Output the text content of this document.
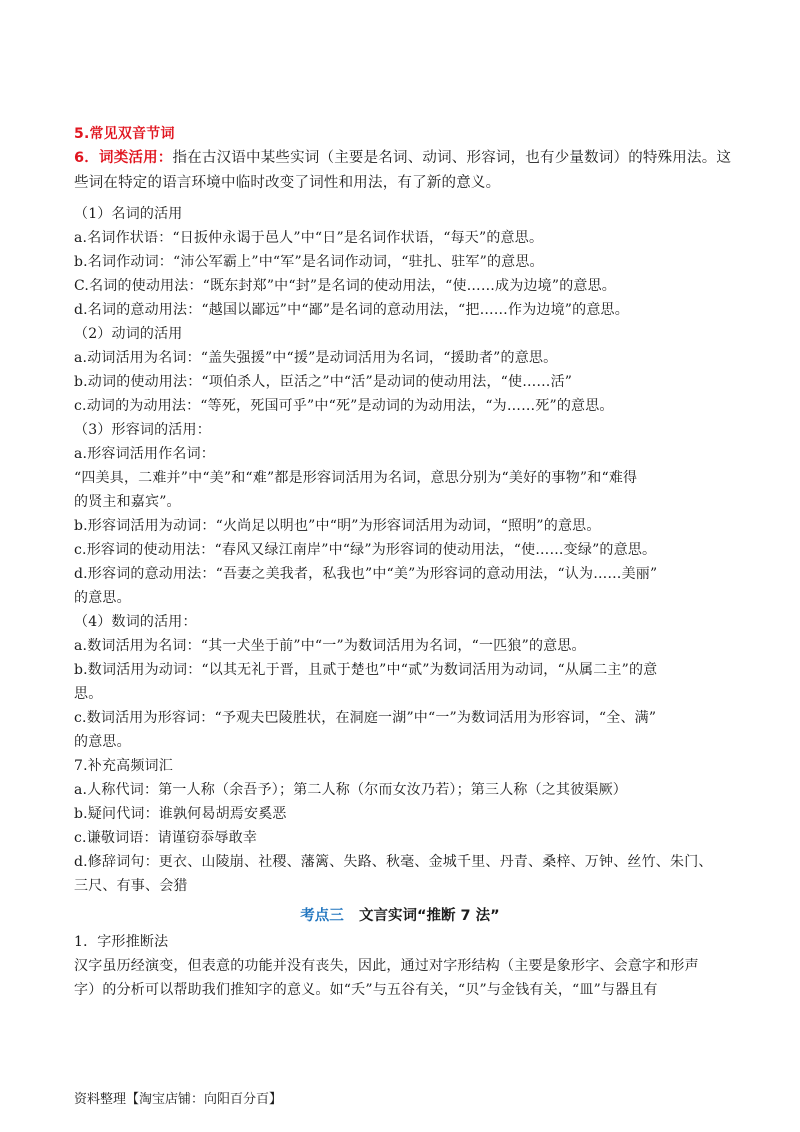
5.常见双音节词
6．词类活用：指在古汉语中某些实词（主要是名词、动词、形容词，也有少量数词）的特殊用法。这
些词在特定的语言环境中临时改变了词性和用法，有了新的意义。
（1）名词的活用
a.名词作状语：“日扳仲永谒于邑人”中“日”是名词作状语，“每天”的意思。
b.名词作动词：“沛公军霸上”中“军”是名词作动词，“驻扎、驻军”的意思。
C.名词的使动用法：“既东封郑”中“封”是名词的使动用法，“使……成为边境”的意思。
d.名词的意动用法：“越国以鄙远”中“鄙”是名词的意动用法，“把……作为边境”的意思。
（2）动词的活用
a.动词活用为名词：“盖失强援”中“援”是动词活用为名词，“援助者”的意思。
b.动词的使动用法：“项伯杀人，臣活之”中“活”是动词的使动用法，“使……活”
c.动词的为动用法：“等死，死国可乎”中“死”是动词的为动用法，“为……死”的意思。
（3）形容词的活用：
a.形容词活用作名词：
“四美具，二难并”中“美”和“难”都是形容词活用为名词，意思分别为“美好的事物”和“难得
的贤主和嘉宾”。
b.形容词活用为动词：“火尚足以明也”中“明”为形容词活用为动词，“照明”的意思。
c.形容词的使动用法：“春风又绿江南岸”中“绿”为形容词的使动用法，“使……变绿”的意思。
d.形容词的意动用法：“吾妻之美我者，私我也”中“美”为形容词的意动用法，“认为……美丽”
的意思。
（4）数词的活用：
a.数词活用为名词：“其一犬坐于前”中“一”为数词活用为名词，“一匹狼”的意思。
b.数词活用为动词：“以其无礼于晋，且贰于楚也”中“贰”为数词活用为动词，“从属二主”的意
思。
c.数词活用为形容词：“予观夫巴陵胜状，在洞庭一湖”中“一”为数词活用为形容词，“全、满”
的意思。
7.补充高频词汇
a.人称代词：第一人称（余吾予）；第二人称（尔而女汝乃若）；第三人称（之其彼渠厥）
b.疑问代词：谁孰何曷胡焉安奚恶
c.谦敬词语：请谨窃忝辱敢幸
d.修辞词句：更衣、山陵崩、社稷、藩篱、失路、秋毫、金城千里、丹青、桑梓、万钟、丝竹、朱门、
三尺、有事、会猎
考点三 文言实词“推断 7 法”
1．字形推断法
汉字虽历经演变，但表意的功能并没有丧失，因此，通过对字形结构（主要是象形字、会意字和形声
字）的分析可以帮助我们推知字的意义。如“夭”与五谷有关，“贝”与金钱有关，“皿”与器且有
资料整理【淘宝店铺：向阳百分百】
